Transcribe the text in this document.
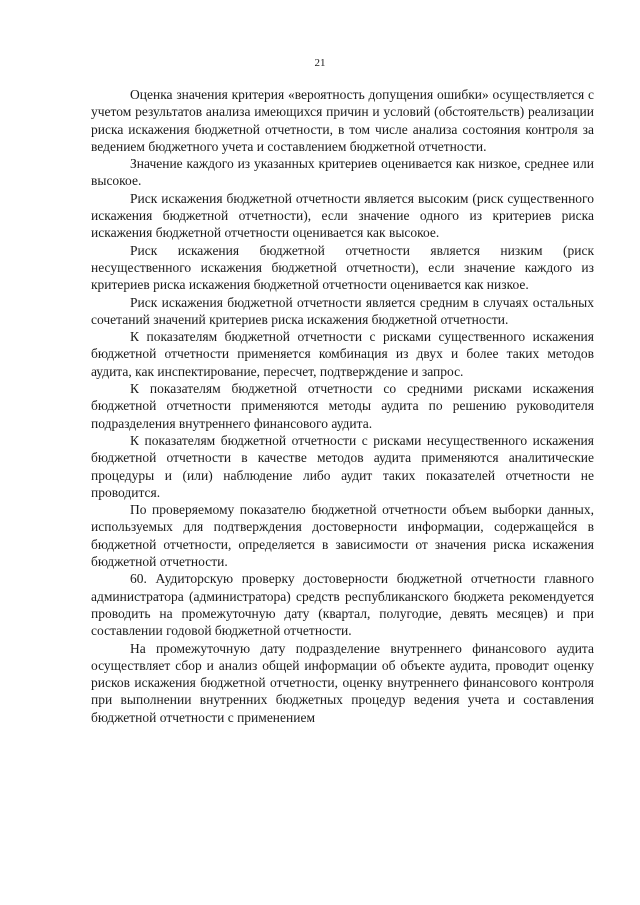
21

Оценка значения критерия «вероятность допущения ошибки» осуществляется с учетом результатов анализа имеющихся причин и условий (обстоятельств) реализации риска искажения бюджетной отчетности, в том числе анализа состояния контроля за ведением бюджетного учета и составлением бюджетной отчетности.

Значение каждого из указанных критериев оценивается как низкое, среднее или высокое.

Риск искажения бюджетной отчетности является высоким (риск существенного искажения бюджетной отчетности), если значение одного из критериев риска искажения бюджетной отчетности оценивается как высокое.

Риск искажения бюджетной отчетности является низким (риск несущественного искажения бюджетной отчетности), если значение каждого из критериев риска искажения бюджетной отчетности оценивается как низкое.

Риск искажения бюджетной отчетности является средним в случаях остальных сочетаний значений критериев риска искажения бюджетной отчетности.

К показателям бюджетной отчетности с рисками существенного искажения бюджетной отчетности применяется комбинация из двух и более таких методов аудита, как инспектирование, пересчет, подтверждение и запрос.

К показателям бюджетной отчетности со средними рисками искажения бюджетной отчетности применяются методы аудита по решению руководителя подразделения внутреннего финансового аудита.

К показателям бюджетной отчетности с рисками несущественного искажения бюджетной отчетности в качестве методов аудита применяются аналитические процедуры и (или) наблюдение либо аудит таких показателей отчетности не проводится.

По проверяемому показателю бюджетной отчетности объем выборки данных, используемых для подтверждения достоверности информации, содержащейся в бюджетной отчетности, определяется в зависимости от значения риска искажения бюджетной отчетности.

60. Аудиторскую проверку достоверности бюджетной отчетности главного администратора (администратора) средств республиканского бюджета рекомендуется проводить на промежуточную дату (квартал, полугодие, девять месяцев) и при составлении годовой бюджетной отчетности.

На промежуточную дату подразделение внутреннего финансового аудита осуществляет сбор и анализ общей информации об объекте аудита, проводит оценку рисков искажения бюджетной отчетности, оценку внутреннего финансового контроля при выполнении внутренних бюджетных процедур ведения учета и составления бюджетной отчетности с применением
